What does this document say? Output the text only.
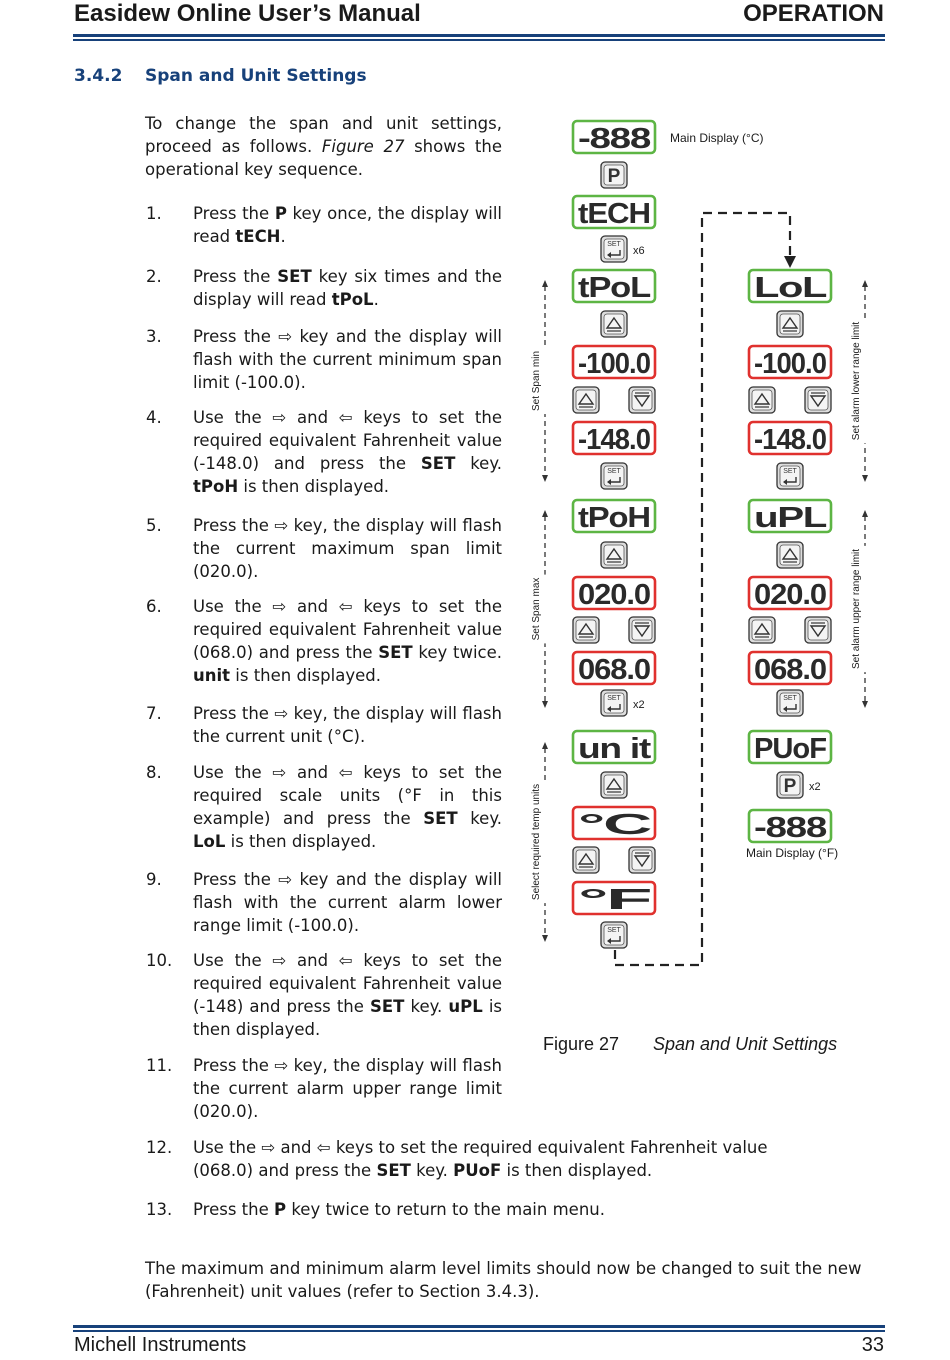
Easidew Online User’s Manual	OPERATION
3.4.2 Span and Unit Settings
To change the span and unit settings, proceed as follows. Figure 27 shows the operational key sequence.
1. Press the P key once, the display will read tECH.
2. Press the SET key six times and the display will read tPoL.
3. Press the ⇨ key and the display will flash with the current minimum span limit (-100.0).
4. Use the ⇨ and ⇦ keys to set the required equivalent Fahrenheit value (-148.0) and press the SET key. tPoH is then displayed.
5. Press the ⇨ key, the display will flash the current maximum span limit (020.0).
6. Use the ⇨ and ⇦ keys to set the required equivalent Fahrenheit value (068.0) and press the SET key twice. unit is then displayed.
7. Press the ⇨ key, the display will flash the current unit (°C).
8. Use the ⇨ and ⇦ keys to set the required scale units (°F in this example) and press the SET key. LoL is then displayed.
9. Press the ⇨ key and the display will flash with the current alarm lower range limit (-100.0).
10. Use the ⇨ and ⇦ keys to set the required equivalent Fahrenheit value (-148) and press the SET key. uPL is then displayed.
11. Press the ⇨ key, the display will flash the current alarm upper range limit (020.0).
12. Use the ⇨ and ⇦ keys to set the required equivalent Fahrenheit value (068.0) and press the SET key. PUoF is then displayed.
13. Press the P key twice to return to the main menu.
The maximum and minimum alarm level limits should now be changed to suit the new (Fahrenheit) unit values (refer to Section 3.4.3).
-888
P
tECH
SET
x6
tPoL
-100.0
-148.0
SET
tPoH
020.0
068.0
SET
x2
un it
°C
°F
SET
LoL
-100.0
-148.0
SET
uPL
020.0
068.0
SET
PUoF
P x2
-888
Main Display (°C)
Main Display (°F)
Set Span min
Set Span max
Select required temp units
Set alarm lower range limit
Set alarm upper range limit
Figure 27 Span and Unit Settings
Michell Instruments	33
